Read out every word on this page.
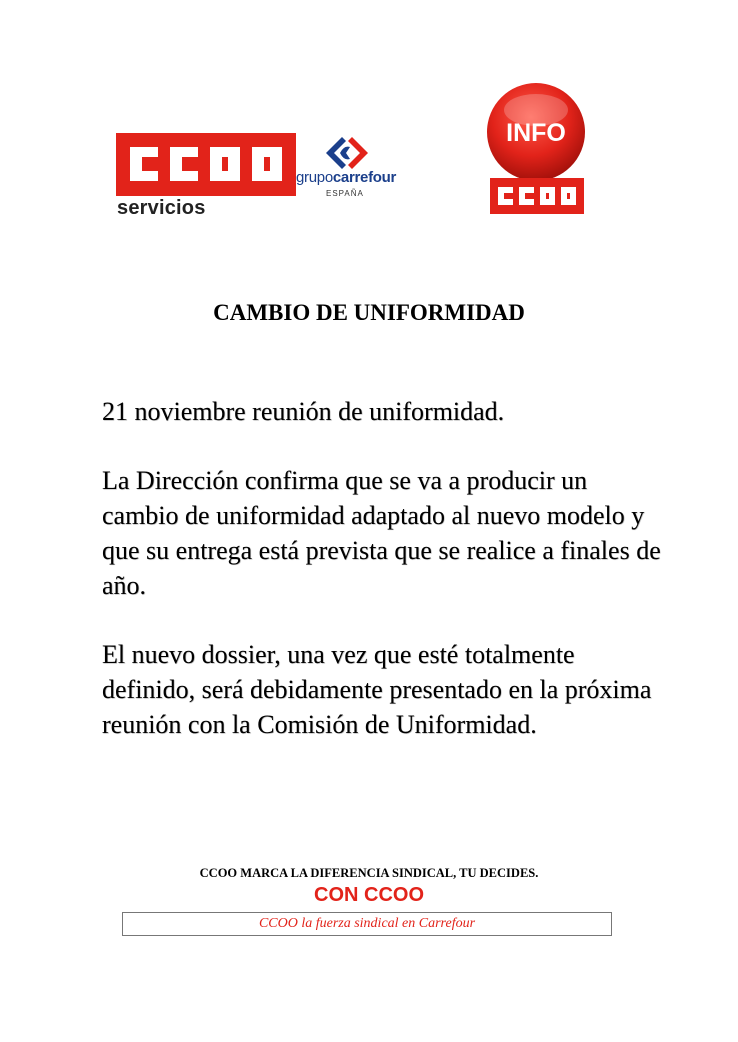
servicios
grupocarrefour
ESPAÑA
INFO
CAMBIO DE UNIFORMIDAD

21 noviembre reunión de uniformidad.

La Dirección confirma que se va a producir un cambio de uniformidad adaptado al nuevo modelo y que su entrega está prevista que se realice a finales de año.

El nuevo dossier, una vez que esté totalmente definido, será debidamente presentado en la próxima reunión con la Comisión de Uniformidad.

CCOO MARCA LA DIFERENCIA SINDICAL, TU DECIDES.
CON CCOO
CCOO la fuerza sindical en Carrefour
